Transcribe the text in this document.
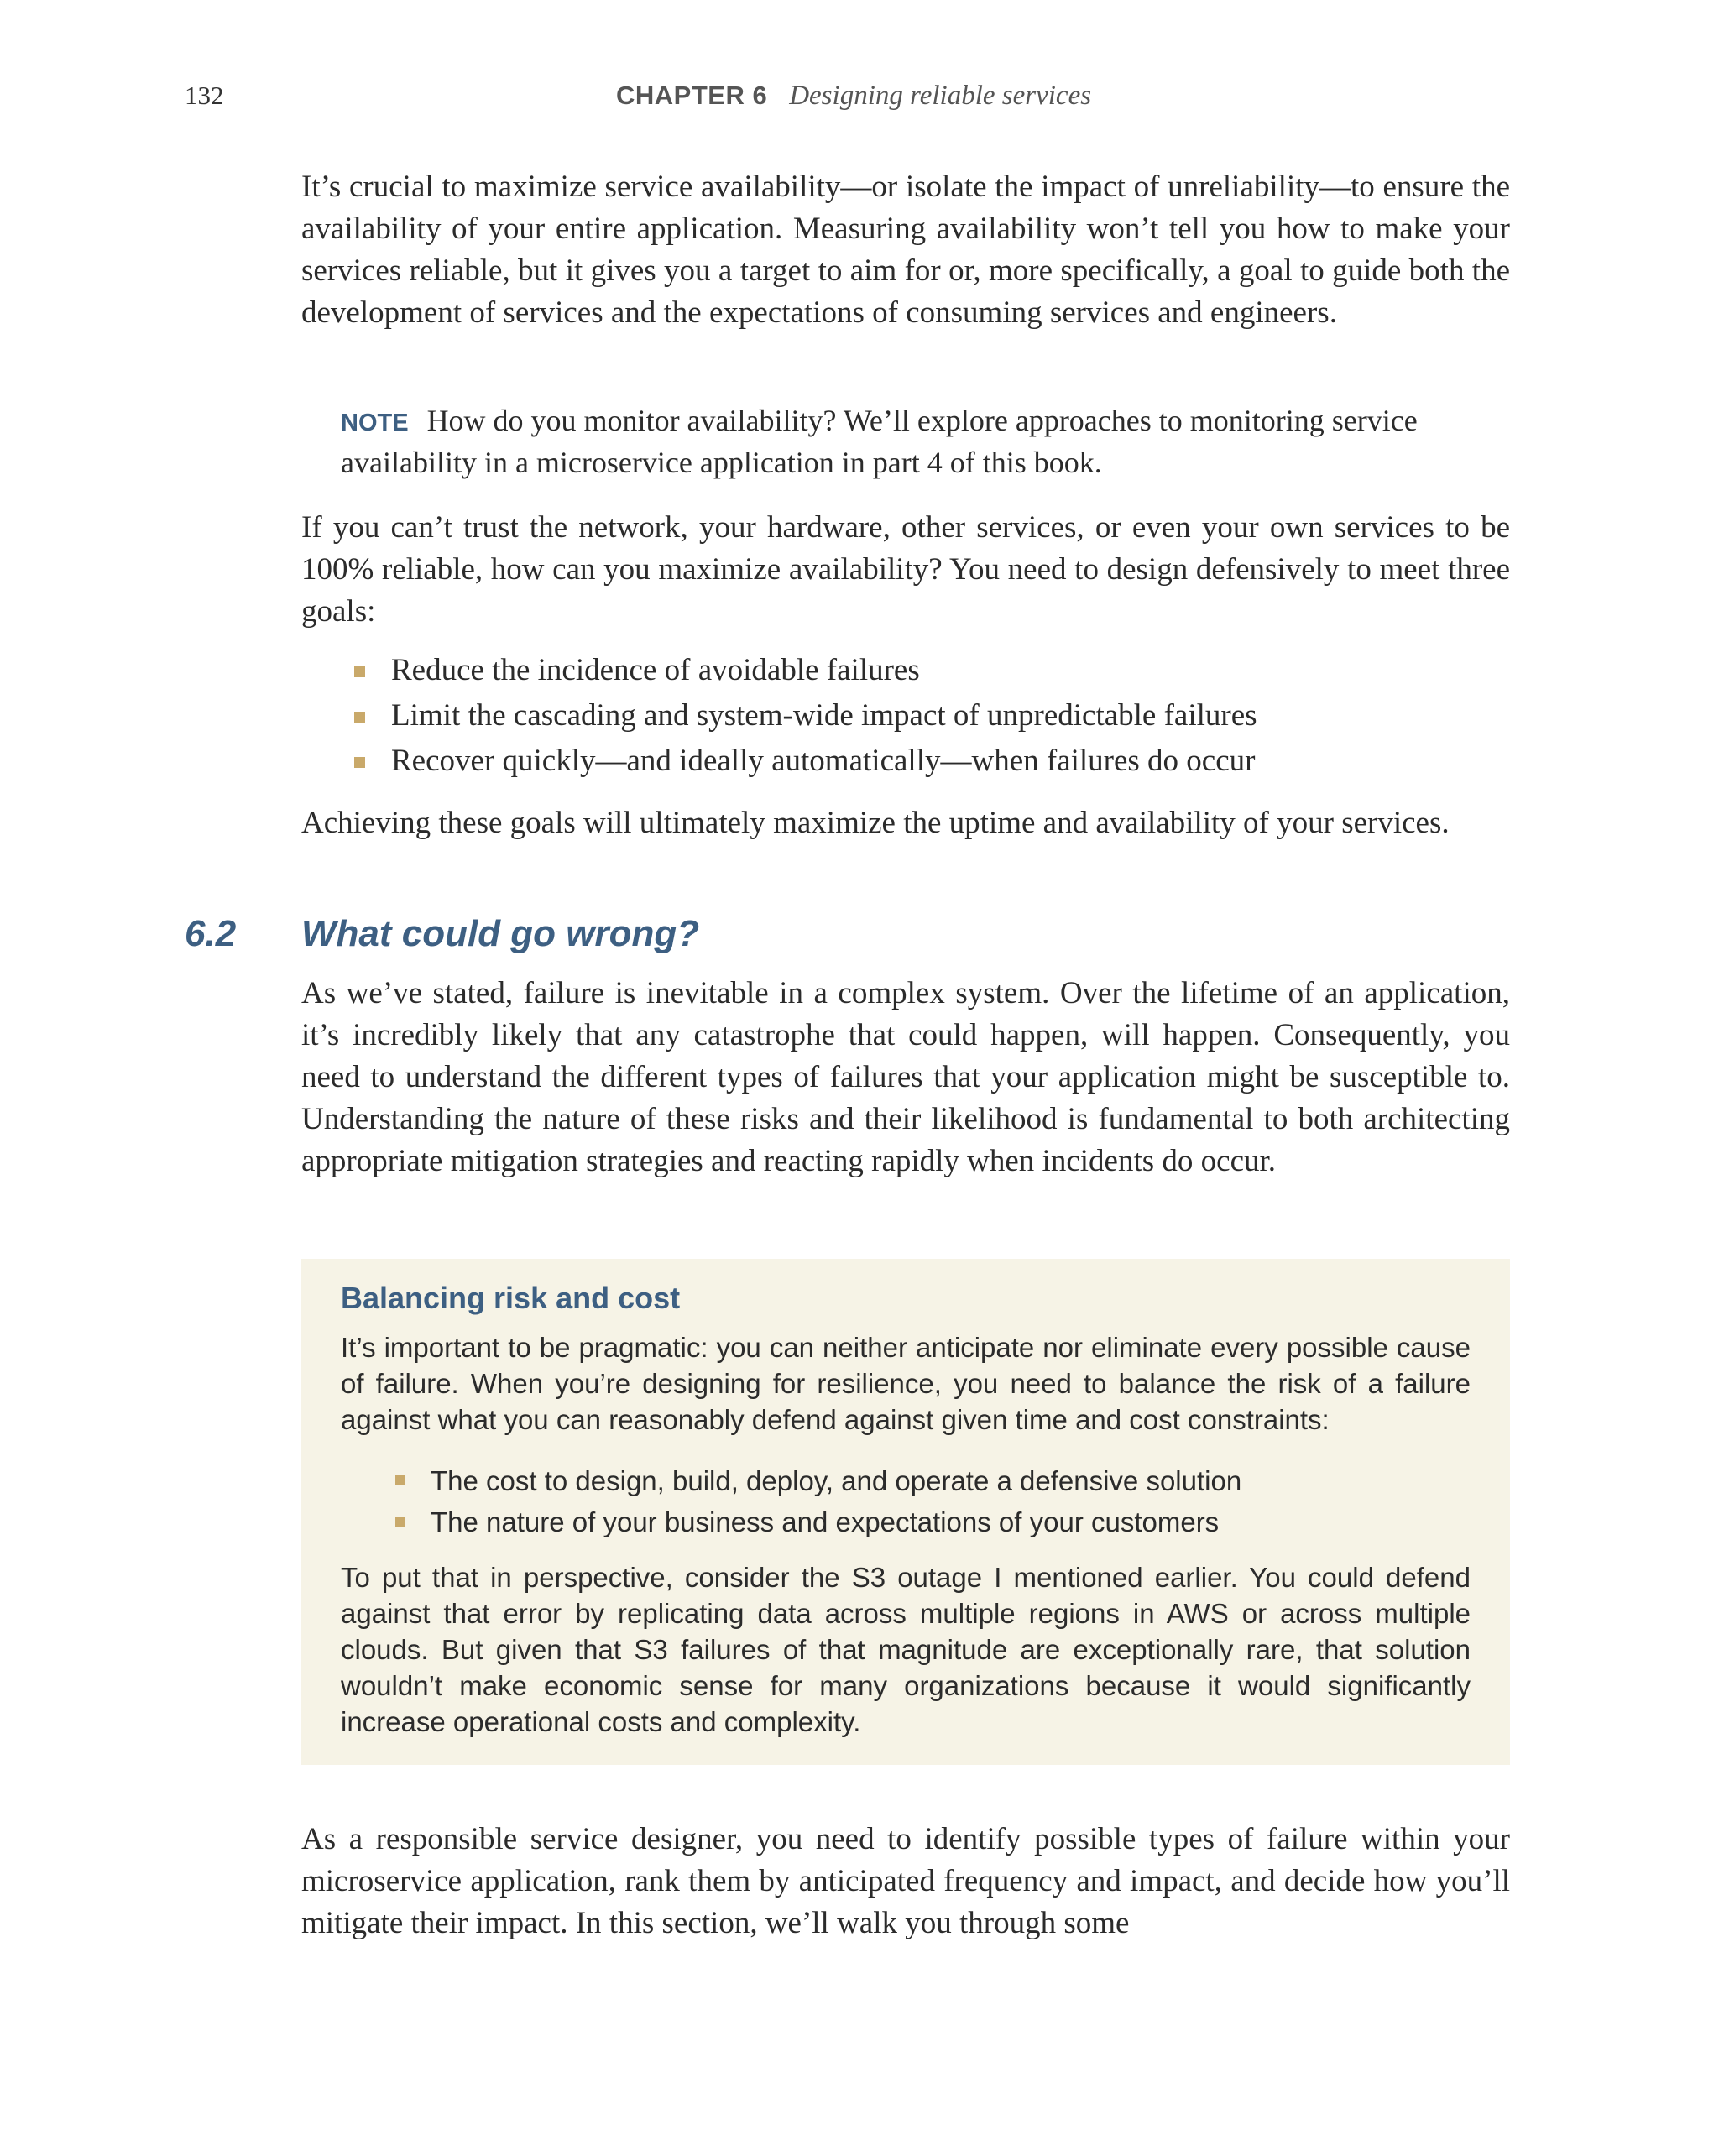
132	CHAPTER 6 Designing reliable services

It’s crucial to maximize service availability—or isolate the impact of unreliability—to ensure the availability of your entire application. Measuring availability won’t tell you how to make your services reliable, but it gives you a target to aim for or, more specifically, a goal to guide both the development of services and the expectations of consuming services and engineers.

NOTE How do you monitor availability? We’ll explore approaches to monitoring service availability in a microservice application in part 4 of this book.

If you can’t trust the network, your hardware, other services, or even your own services to be 100% reliable, how can you maximize availability? You need to design defensively to meet three goals:

Reduce the incidence of avoidable failures
Limit the cascading and system-wide impact of unpredictable failures
Recover quickly—and ideally automatically—when failures do occur

Achieving these goals will ultimately maximize the uptime and availability of your services.

6.2 What could go wrong?

As we’ve stated, failure is inevitable in a complex system. Over the lifetime of an application, it’s incredibly likely that any catastrophe that could happen, will happen. Consequently, you need to understand the different types of failures that your application might be susceptible to. Understanding the nature of these risks and their likelihood is fundamental to both architecting appropriate mitigation strategies and reacting rapidly when incidents do occur.

Balancing risk and cost

It’s important to be pragmatic: you can neither anticipate nor eliminate every possible cause of failure. When you’re designing for resilience, you need to balance the risk of a failure against what you can reasonably defend against given time and cost constraints:

The cost to design, build, deploy, and operate a defensive solution
The nature of your business and expectations of your customers

To put that in perspective, consider the S3 outage I mentioned earlier. You could defend against that error by replicating data across multiple regions in AWS or across multiple clouds. But given that S3 failures of that magnitude are exceptionally rare, that solution wouldn’t make economic sense for many organizations because it would significantly increase operational costs and complexity.

As a responsible service designer, you need to identify possible types of failure within your microservice application, rank them by anticipated frequency and impact, and decide how you’ll mitigate their impact. In this section, we’ll walk you through some
